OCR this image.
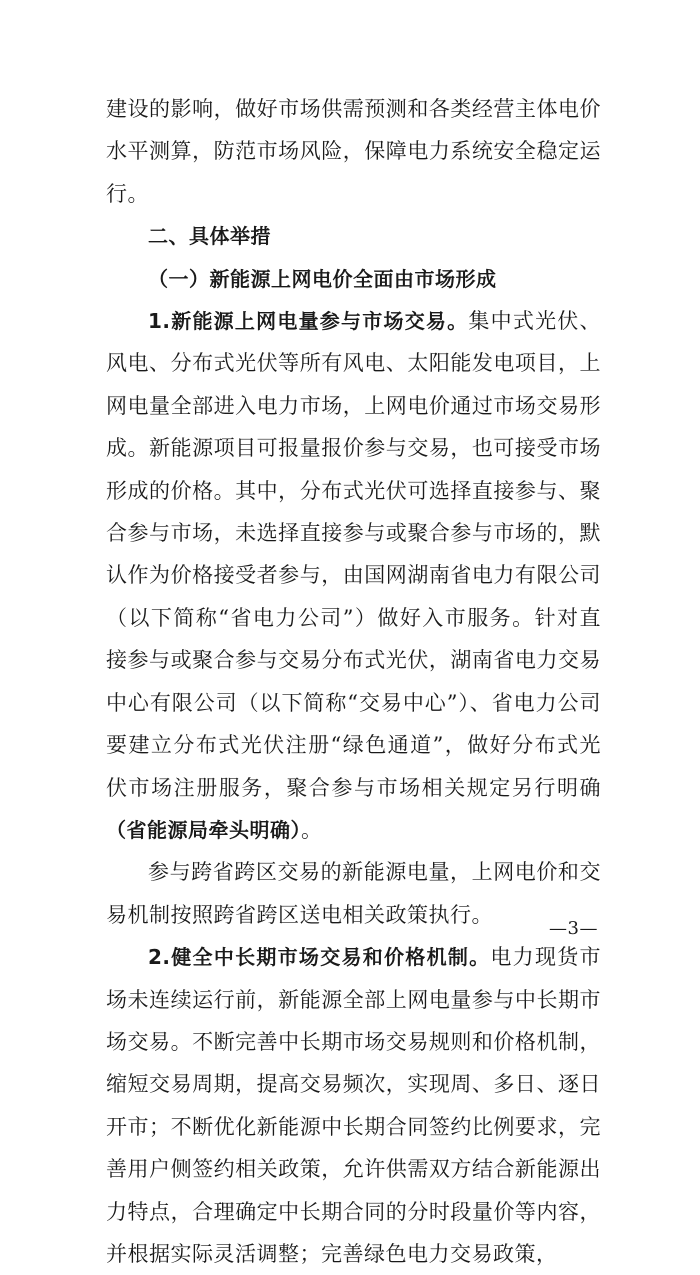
建设的影响，做好市场供需预测和各类经营主体电价水平测算，防范市场风险，保障电力系统安全稳定运行。

二、具体举措

（一）新能源上网电价全面由市场形成

1.新能源上网电量参与市场交易。集中式光伏、风电、分布式光伏等所有风电、太阳能发电项目，上网电量全部进入电力市场，上网电价通过市场交易形成。新能源项目可报量报价参与交易，也可接受市场形成的价格。其中，分布式光伏可选择直接参与、聚合参与市场，未选择直接参与或聚合参与市场的，默认作为价格接受者参与，由国网湖南省电力有限公司（以下简称“省电力公司”）做好入市服务。针对直接参与或聚合参与交易分布式光伏，湖南省电力交易中心有限公司（以下简称“交易中心”）、省电力公司要建立分布式光伏注册“绿色通道”，做好分布式光伏市场注册服务，聚合参与市场相关规定另行明确（省能源局牵头明确）。

参与跨省跨区交易的新能源电量，上网电价和交易机制按照跨省跨区送电相关政策执行。

2.健全中长期市场交易和价格机制。电力现货市场未连续运行前，新能源全部上网电量参与中长期市场交易。不断完善中长期市场交易规则和价格机制，缩短交易周期，提高交易频次，实现周、多日、逐日开市；不断优化新能源中长期合同签约比例要求，完善用户侧签约相关政策，允许供需双方结合新能源出力特点，合理确定中长期合同的分时段量价等内容，并根据实际灵活调整；完善绿色电力交易政策，

—3—
